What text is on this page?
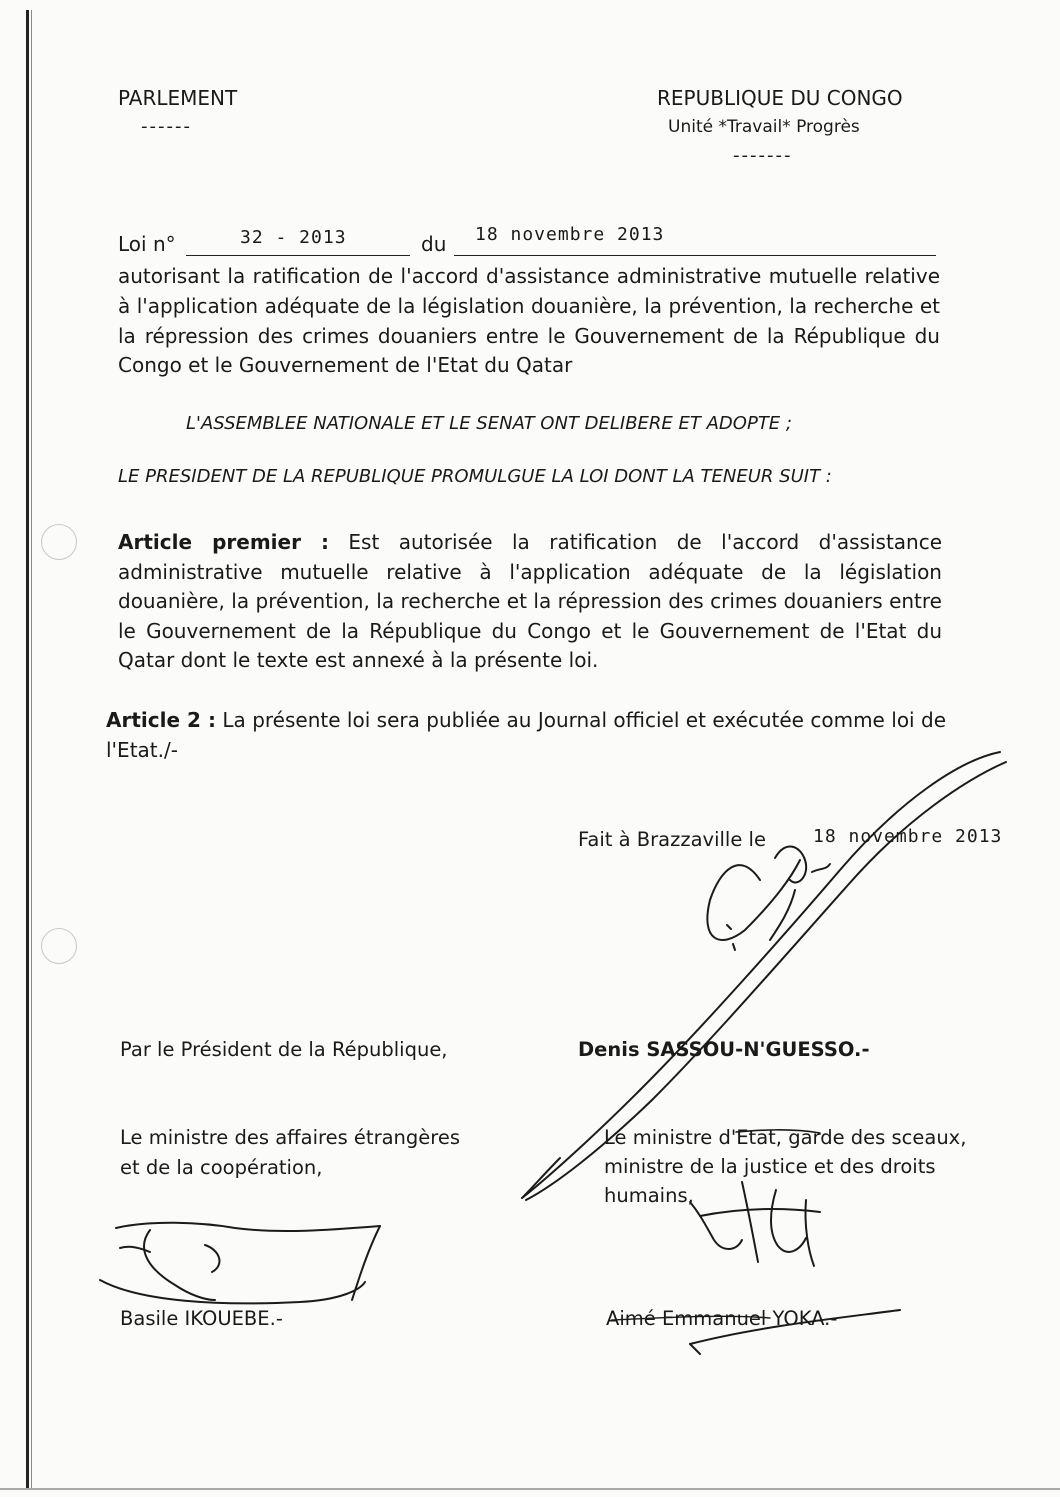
PARLEMENT
------
REPUBLIQUE DU CONGO
Unité *Travail* Progrès
-------
Loi n°	32 - 2013	du 18 novembre 2013
autorisant la ratification de l'accord d'assistance administrative mutuelle relative à l'application adéquate de la législation douanière, la prévention, la recherche et la répression des crimes douaniers entre le Gouvernement de la République du Congo et le Gouvernement de l'Etat du Qatar
L'ASSEMBLEE NATIONALE ET LE SENAT ONT DELIBERE ET ADOPTE ;
LE PRESIDENT DE LA REPUBLIQUE PROMULGUE LA LOI DONT LA TENEUR SUIT :
Article premier : Est autorisée la ratification de l'accord d'assistance administrative mutuelle relative à l'application adéquate de la législation douanière, la prévention, la recherche et la répression des crimes douaniers entre le Gouvernement de la République du Congo et le Gouvernement de l'Etat du Qatar dont le texte est annexé à la présente loi.
Article 2 : La présente loi sera publiée au Journal officiel et exécutée comme loi de l'Etat./-
Fait à Brazzaville le	18 novembre 2013
Par le Président de la République,	Denis SASSOU-N'GUESSO.-
Le ministre des affaires étrangères
et de la coopération,
Basile IKOUEBE.-
Le ministre d'Etat, garde des sceaux,
ministre de la justice et des droits
humains,
Aimé Emmanuel YOKA.-
